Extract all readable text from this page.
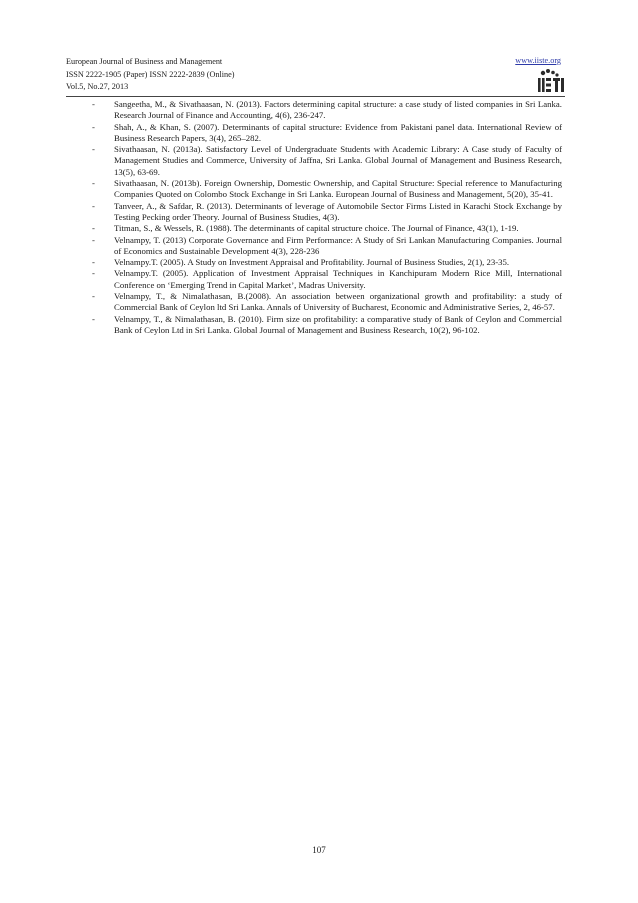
European Journal of Business and Management
ISSN 2222-1905 (Paper) ISSN 2222-2839 (Online)
Vol.5, No.27, 2013
www.iiste.org
-	Sangeetha, M., & Sivathaasan, N. (2013). Factors determining capital structure: a case study of listed companies in Sri Lanka. Research Journal of Finance and Accounting, 4(6), 236-247.
-	Shah, A., & Khan, S. (2007). Determinants of capital structure: Evidence from Pakistani panel data. International Review of Business Research Papers, 3(4), 265–282.
-	Sivathaasan, N. (2013a). Satisfactory Level of Undergraduate Students with Academic Library: A Case study of Faculty of Management Studies and Commerce, University of Jaffna, Sri Lanka. Global Journal of Management and Business Research, 13(5), 63-69.
-	Sivathaasan, N. (2013b). Foreign Ownership, Domestic Ownership, and Capital Structure: Special reference to Manufacturing Companies Quoted on Colombo Stock Exchange in Sri Lanka. European Journal of Business and Management, 5(20), 35-41.
-	Tanveer, A., & Safdar, R. (2013). Determinants of leverage of Automobile Sector Firms Listed in Karachi Stock Exchange by Testing Pecking order Theory. Journal of Business Studies, 4(3).
-	Titman, S., & Wessels, R. (1988). The determinants of capital structure choice. The Journal of Finance, 43(1), 1-19.
-	Velnampy, T. (2013) Corporate Governance and Firm Performance: A Study of Sri Lankan Manufacturing Companies. Journal of Economics and Sustainable Development 4(3), 228-236
-	Velnampy.T. (2005). A Study on Investment Appraisal and Profitability. Journal of Business Studies, 2(1), 23-35.
-	Velnampy.T. (2005). Application of Investment Appraisal Techniques in Kanchipuram Modern Rice Mill, International Conference on ‘Emerging Trend in Capital Market’, Madras University.
-	Velnampy, T., & Nimalathasan, B.(2008). An association between organizational growth and profitability: a study of Commercial Bank of Ceylon ltd Sri Lanka. Annals of University of Bucharest, Economic and Administrative Series, 2, 46-57.
-	Velnampy, T., & Nimalathasan, B. (2010). Firm size on profitability: a comparative study of Bank of Ceylon and Commercial Bank of Ceylon Ltd in Sri Lanka. Global Journal of Management and Business Research, 10(2), 96-102.
107
